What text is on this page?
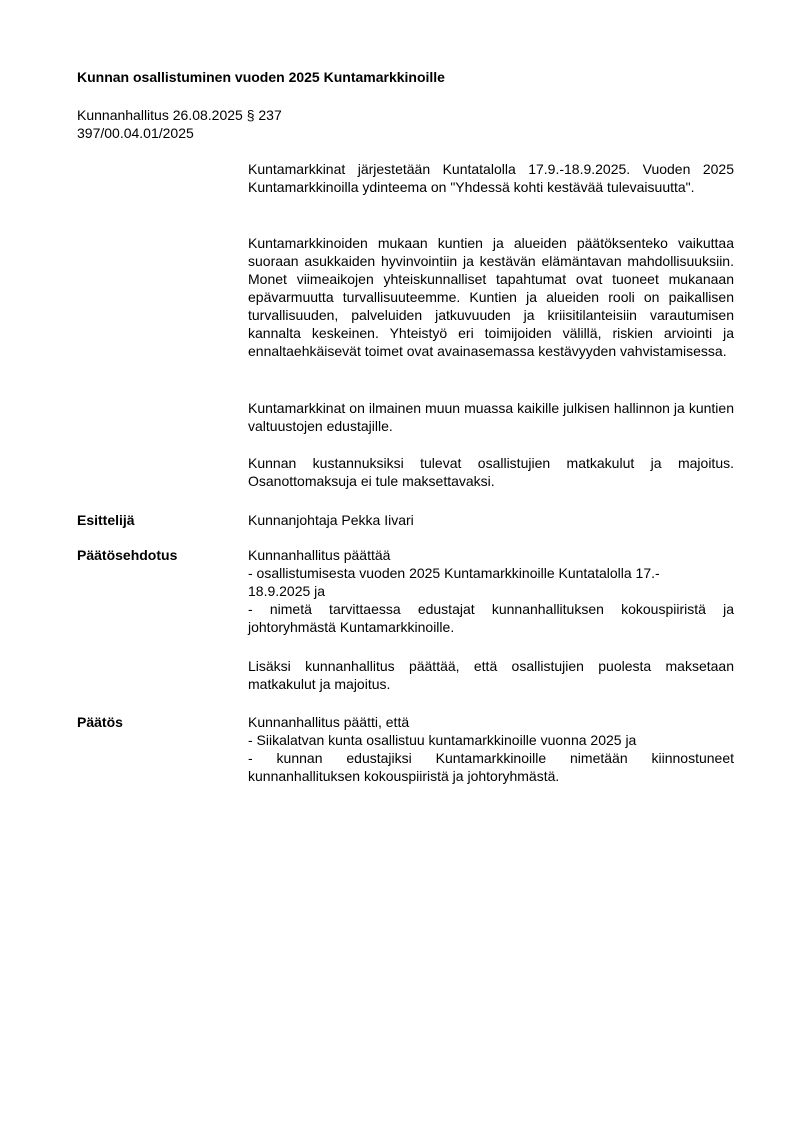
Kunnan osallistuminen vuoden 2025 Kuntamarkkinoille
Kunnanhallitus 26.08.2025 § 237
397/00.04.01/2025
Kuntamarkkinat järjestetään Kuntatalolla 17.9.-18.9.2025. Vuoden 2025 Kuntamarkkinoilla ydinteema on "Yhdessä kohti kestävää tulevaisuutta".
Kuntamarkkinoiden mukaan kuntien ja alueiden päätöksenteko vaikuttaa suoraan asukkaiden hyvinvointiin ja kestävän elämäntavan mahdollisuuksiin. Monet viimeaikojen yhteiskunnalliset tapahtumat ovat tuoneet mukanaan epävarmuutta turvallisuuteemme. Kuntien ja alueiden rooli on paikallisen turvallisuuden, palveluiden jatkuvuuden ja kriisitilanteisiin varautumisen kannalta keskeinen. Yhteistyö eri toimijoiden välillä, riskien arviointi ja ennaltaehkäisevät toimet ovat avainasemassa kestävyyden vahvistamisessa.
Kuntamarkkinat on ilmainen muun muassa kaikille julkisen hallinnon ja kuntien valtuustojen edustajille.
Kunnan kustannuksiksi tulevat osallistujien matkakulut ja majoitus. Osanottomaksuja ei tule maksettavaksi.
Esittelijä	Kunnanjohtaja Pekka Iivari
Päätösehdotus	Kunnanhallitus päättää
- osallistumisesta vuoden 2025 Kuntamarkkinoille Kuntatalolla 17.-
18.9.2025 ja
- nimetä tarvittaessa edustajat kunnanhallituksen kokouspiiristä ja johtoryhmästä Kuntamarkkinoille.
Lisäksi kunnanhallitus päättää, että osallistujien puolesta maksetaan matkakulut ja majoitus.
Päätös	Kunnanhallitus päätti, että
- Siikalatvan kunta osallistuu kuntamarkkinoille vuonna 2025 ja
- kunnan edustajiksi Kuntamarkkinoille nimetään kiinnostuneet kunnanhallituksen kokouspiiristä ja johtoryhmästä.
